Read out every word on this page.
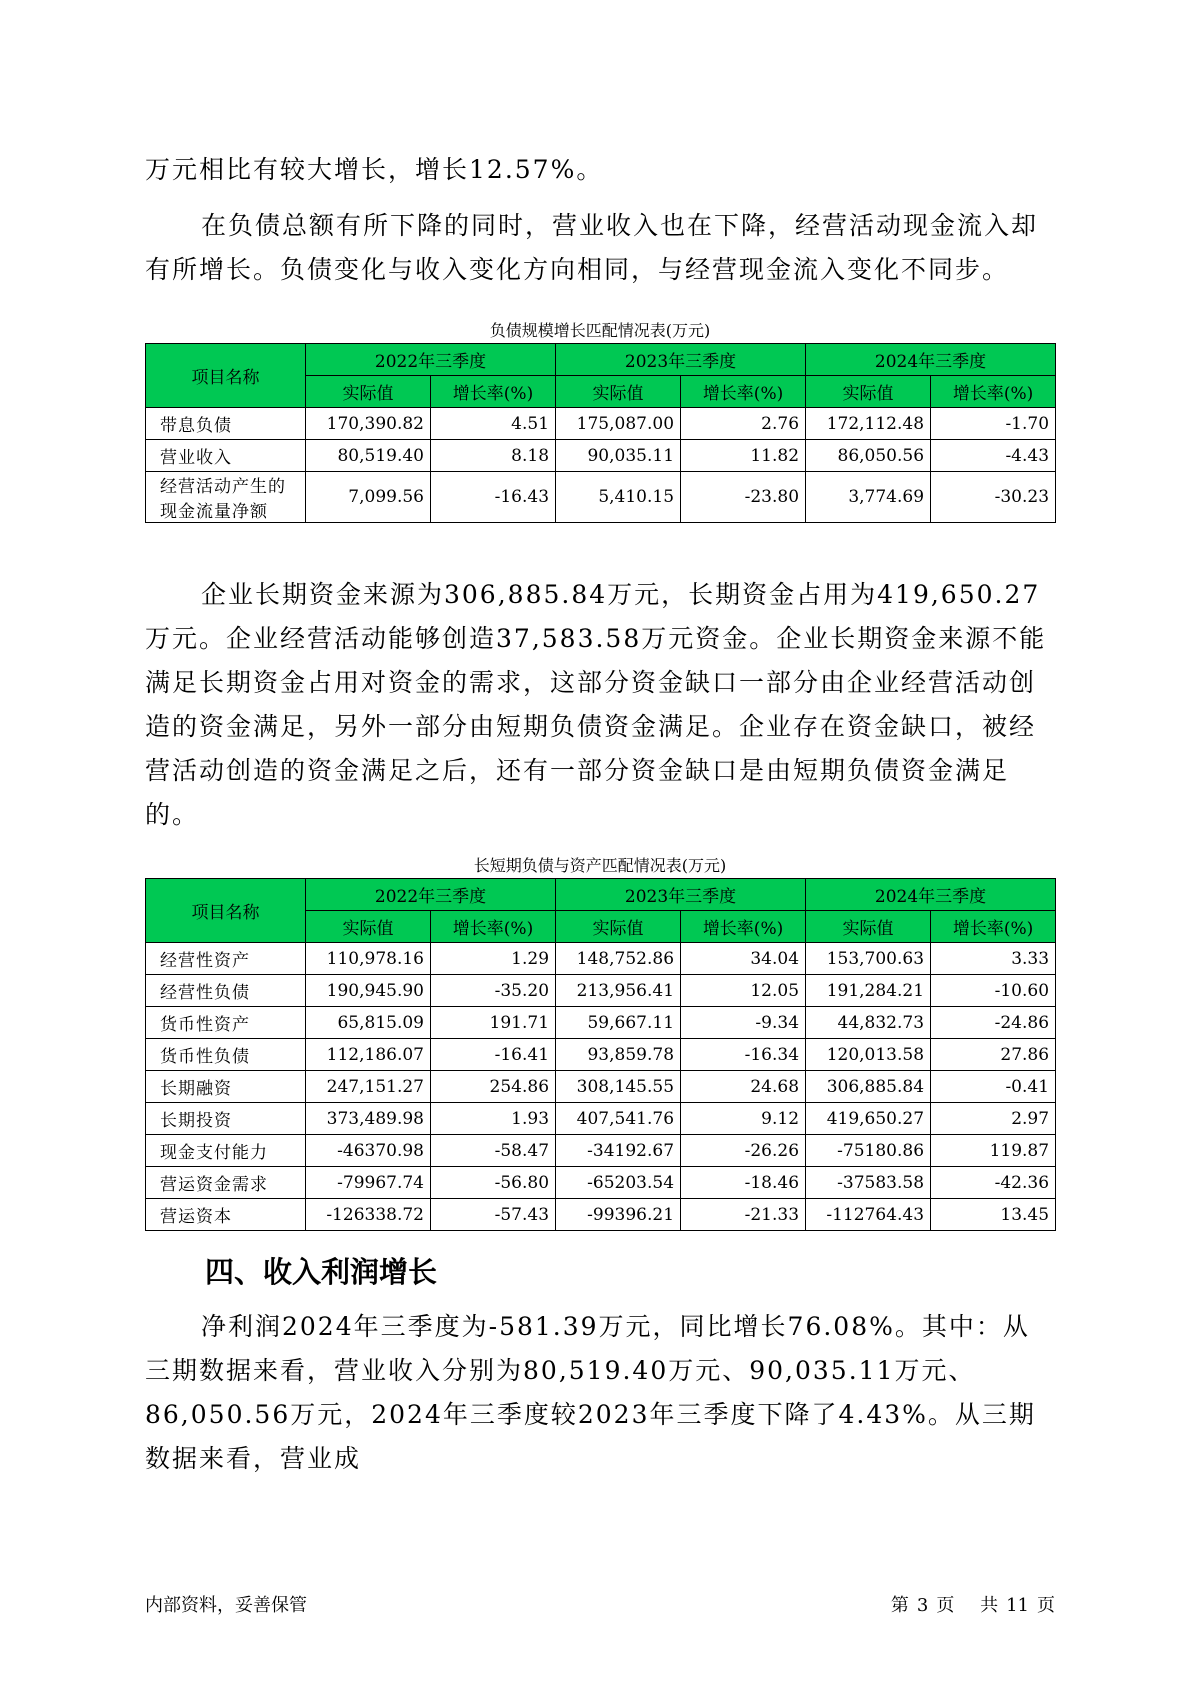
万元相比有较大增长，增长12.57%。

在负债总额有所下降的同时，营业收入也在下降，经营活动现金流入却有所增长。负债变化与收入变化方向相同，与经营现金流入变化不同步。

负债规模增长匹配情况表(万元)

项目名称	2022年三季度		2023年三季度		2024年三季度	
	实际值	增长率(%)	实际值	增长率(%)	实际值	增长率(%)
带息负债	170,390.82	4.51	175,087.00	2.76	172,112.48	-1.70
营业收入	80,519.40	8.18	90,035.11	11.82	86,050.56	-4.43
经营活动产生的现金流量净额	7,099.56	-16.43	5,410.15	-23.80	3,774.69	-30.23

企业长期资金来源为306,885.84万元，长期资金占用为419,650.27万元。企业经营活动能够创造37,583.58万元资金。企业长期资金来源不能满足长期资金占用对资金的需求，这部分资金缺口一部分由企业经营活动创造的资金满足，另外一部分由短期负债资金满足。企业存在资金缺口，被经营活动创造的资金满足之后，还有一部分资金缺口是由短期负债资金满足的。

长短期负债与资产匹配情况表(万元)

项目名称	2022年三季度		2023年三季度		2024年三季度	
	实际值	增长率(%)	实际值	增长率(%)	实际值	增长率(%)
经营性资产	110,978.16	1.29	148,752.86	34.04	153,700.63	3.33
经营性负债	190,945.90	-35.20	213,956.41	12.05	191,284.21	-10.60
货币性资产	65,815.09	191.71	59,667.11	-9.34	44,832.73	-24.86
货币性负债	112,186.07	-16.41	93,859.78	-16.34	120,013.58	27.86
长期融资	247,151.27	254.86	308,145.55	24.68	306,885.84	-0.41
长期投资	373,489.98	1.93	407,541.76	9.12	419,650.27	2.97
现金支付能力	-46370.98	-58.47	-34192.67	-26.26	-75180.86	119.87
营运资金需求	-79967.74	-56.80	-65203.54	-18.46	-37583.58	-42.36
营运资本	-126338.72	-57.43	-99396.21	-21.33	-112764.43	13.45
四、收入利润增长

净利润2024年三季度为-581.39万元，同比增长76.08%。其中：从三期数据来看，营业收入分别为80,519.40万元、90,035.11万元、86,050.56万元，2024年三季度较2023年三季度下降了4.43%。从三期数据来看，营业成

内部资料，妥善保管	第 3 页 共 11 页
